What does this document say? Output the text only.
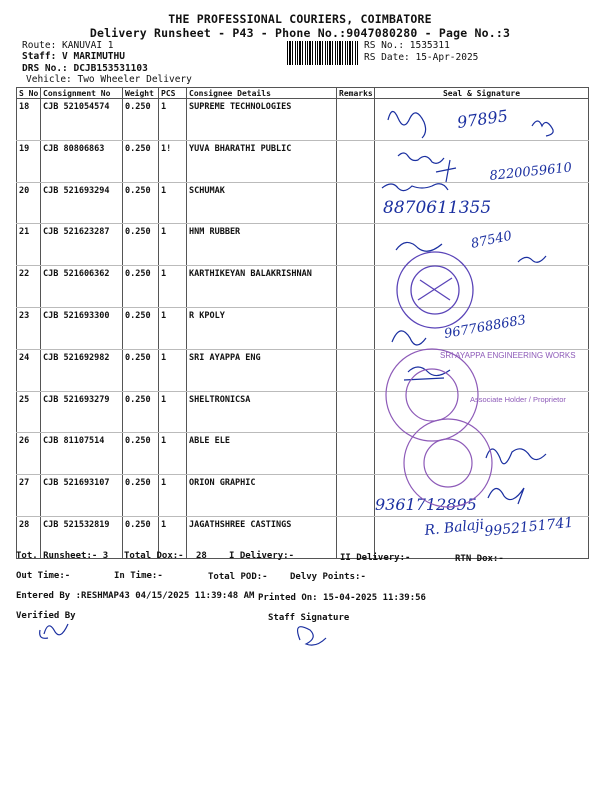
THE PROFESSIONAL COURIERS, COIMBATORE
Delivery Runsheet - P43 - Phone No.:9047080280 - Page No.:3
Route: KANUVAI 1
Staff: V MARIMUTHU
DRS No.: DCJB153531103
Vehicle: Two Wheeler Delivery
RS No.: 1535311
RS Date: 15-Apr-2025
S No	Consignment No	Weight	PCS	Consignee Details	Remarks	Seal & Signature
18	CJB 521054574	0.250	1	SUPREME TECHNOLOGIES		
19	CJB 80806863	0.250	1!	YUVA BHARATHI PUBLIC		
20	CJB 521693294	0.250	1	SCHUMAK		
21	CJB 521623287	0.250	1	HNM RUBBER		
22	CJB 521606362	0.250	1	KARTHIKEYAN BALAKRISHNAN		
23	CJB 521693300	0.250	1	R KPOLY		
24	CJB 521692982	0.250	1	SRI AYAPPA ENG		
25	CJB 521693279	0.250	1	SHELTRONICSA		
26	CJB 81107514	0.250	1	ABLE ELE		
27	CJB 521693107	0.250	1	ORION GRAPHIC		
28	CJB 521532819	0.250	1	JAGATHSHREE CASTINGS		
97895
8220059610
8870611355
87540
9677688683
9361712895
R. Balaji
9952151741
SRI AYAPPA ENGINEERING WORKS
Associate Holder / Proprietor
Tot. Runsheet:- 3 Total Dox:- 28 I Delivery:-	II Delivery:-	RTN Dox:-
Out Time:-	In Time:-	Total POD:- Delvy Points:-
Entered By :RESHMAP43 04/15/2025 11:39:48 AM Printed On: 15-04-2025 11:39:56
Verified By	Staff Signature
